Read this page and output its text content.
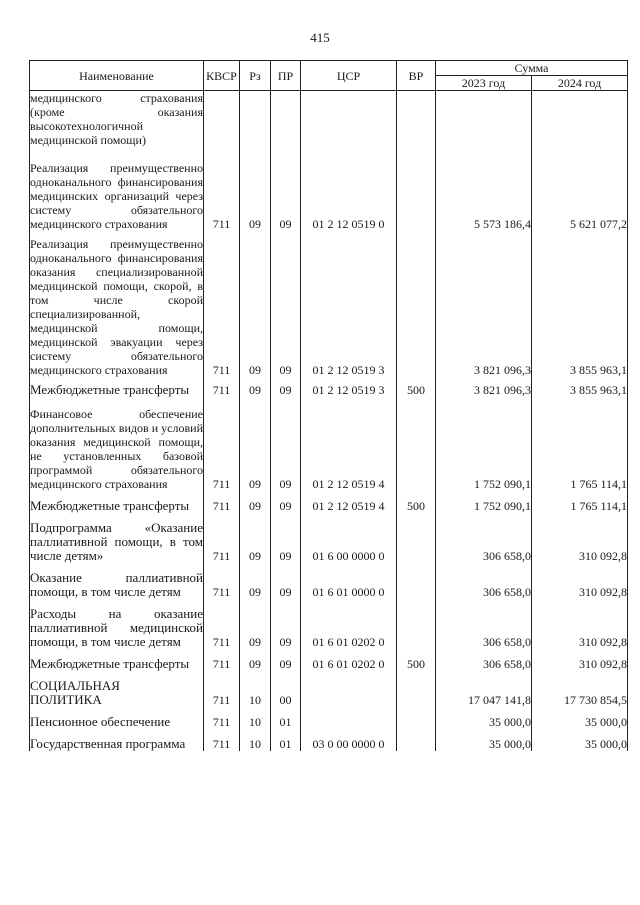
415
Наименование	КВСР	Рз	ПР	ЦСР	ВР	Сумма	
						2023 год	2024 год
медицинского страхования (кроме оказания высокотехнологичной медицинской помощи)							

Реализация преимущественно одноканального финансирования медицинских организаций через систему обязательного медицинского страхования	711	09	09	01 2 12 0519 0		5 573 186,4	5 621 077,2
Реализация преимущественно одноканального финансирования оказания специализированной медицинской помощи, скорой, в том числе скорой специализированной, медицинской помощи, медицинской эвакуации через систему обязательного медицинского страхования	711	09	09	01 2 12 0519 3		3 821 096,3	3 855 963,1
Межбюджетные трансферты	711	09	09	01 2 12 0519 3	500	3 821 096,3	3 855 963,1
Финансовое обеспечение дополнительных видов и условий оказания медицинской помощи, не установленных базовой программой обязательного медицинского страхования	711	09	09	01 2 12 0519 4		1 752 090,1	1 765 114,1
Межбюджетные трансферты	711	09	09	01 2 12 0519 4	500	1 752 090,1	1 765 114,1
Подпрограмма «Оказание паллиативной помощи, в том числе детям»	711	09	09	01 6 00 0000 0		306 658,0	310 092,8
Оказание паллиативной помощи, в том числе детям	711	09	09	01 6 01 0000 0		306 658,0	310 092,8
Расходы на оказание паллиативной медицинской помощи, в том числе детям	711	09	09	01 6 01 0202 0		306 658,0	310 092,8
Межбюджетные трансферты	711	09	09	01 6 01 0202 0	500	306 658,0	310 092,8
СОЦИАЛЬНАЯ ПОЛИТИКА	711	10	00			17 047 141,8	17 730 854,5
Пенсионное обеспечение	711	10	01			35 000,0	35 000,0
Государственная программа	711	10	01	03 0 00 0000 0		35 000,0	35 000,0
